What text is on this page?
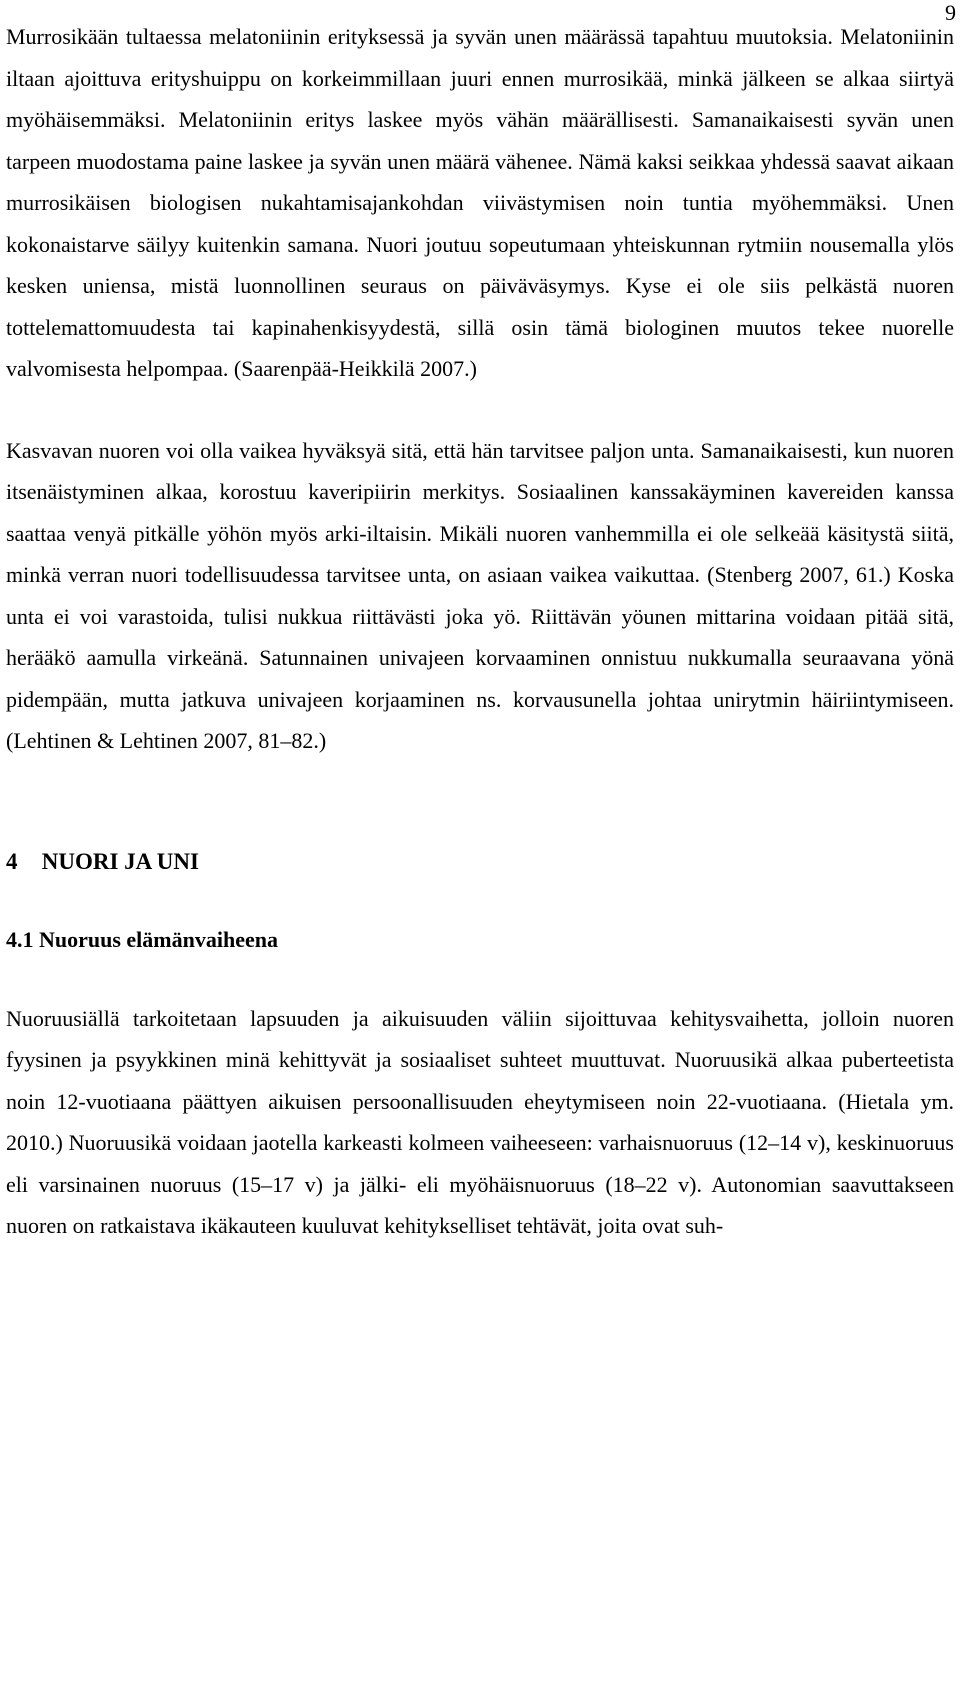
9

Murrosikään tultaessa melatoniinin erityksessä ja syvän unen määrässä tapahtuu muutoksia. Melatoniinin iltaan ajoittuva erityshuippu on korkeimmillaan juuri ennen murrosikää, minkä jälkeen se alkaa siirtyä myöhäisemmäksi. Melatoniinin eritys laskee myös vähän määrällisesti. Samanaikaisesti syvän unen tarpeen muodostama paine laskee ja syvän unen määrä vähenee. Nämä kaksi seikkaa yhdessä saavat aikaan murrosikäisen biologisen nukahtamisajankohdan viivästymisen noin tuntia myöhemmäksi. Unen kokonaistarve säilyy kuitenkin samana. Nuori joutuu sopeutumaan yhteiskunnan rytmiin nousemalla ylös kesken uniensa, mistä luonnollinen seuraus on päiväväsymys. Kyse ei ole siis pelkästä nuoren tottelemattomuudesta tai kapinahenkisyydestä, sillä osin tämä biologinen muutos tekee nuorelle valvomisesta helpompaa. (Saarenpää-Heikkilä 2007.)

Kasvavan nuoren voi olla vaikea hyväksyä sitä, että hän tarvitsee paljon unta. Samanaikaisesti, kun nuoren itsenäistyminen alkaa, korostuu kaveripiirin merkitys. Sosiaalinen kanssakäyminen kavereiden kanssa saattaa venyä pitkälle yöhön myös arki-iltaisin. Mikäli nuoren vanhemmilla ei ole selkeää käsitystä siitä, minkä verran nuori todellisuudessa tarvitsee unta, on asiaan vaikea vaikuttaa. (Stenberg 2007, 61.) Koska unta ei voi varastoida, tulisi nukkua riittävästi joka yö. Riittävän yöunen mittarina voidaan pitää sitä, herääkö aamulla virkeänä. Satunnainen univajeen korvaaminen onnistuu nukkumalla seuraavana yönä pidempään, mutta jatkuva univajeen korjaaminen ns. korvausunella johtaa unirytmin häiriintymiseen. (Lehtinen & Lehtinen 2007, 81–82.)

4 NUORI JA UNI
4.1 Nuoruus elämänvaiheena

Nuoruusiällä tarkoitetaan lapsuuden ja aikuisuuden väliin sijoittuvaa kehitysvaihetta, jolloin nuoren fyysinen ja psyykkinen minä kehittyvät ja sosiaaliset suhteet muuttuvat. Nuoruusikä alkaa puberteetista noin 12-vuotiaana päättyen aikuisen persoonallisuuden eheytymiseen noin 22-vuotiaana. (Hietala ym. 2010.) Nuoruusikä voidaan jaotella karkeasti kolmeen vaiheeseen: varhaisnuoruus (12–14 v), keskinuoruus eli varsinainen nuoruus (15–17 v) ja jälki- eli myöhäisnuoruus (18–22 v). Autonomian saavuttakseen nuoren on ratkaistava ikäkauteen kuuluvat kehitykselliset tehtävät, joita ovat suh-
